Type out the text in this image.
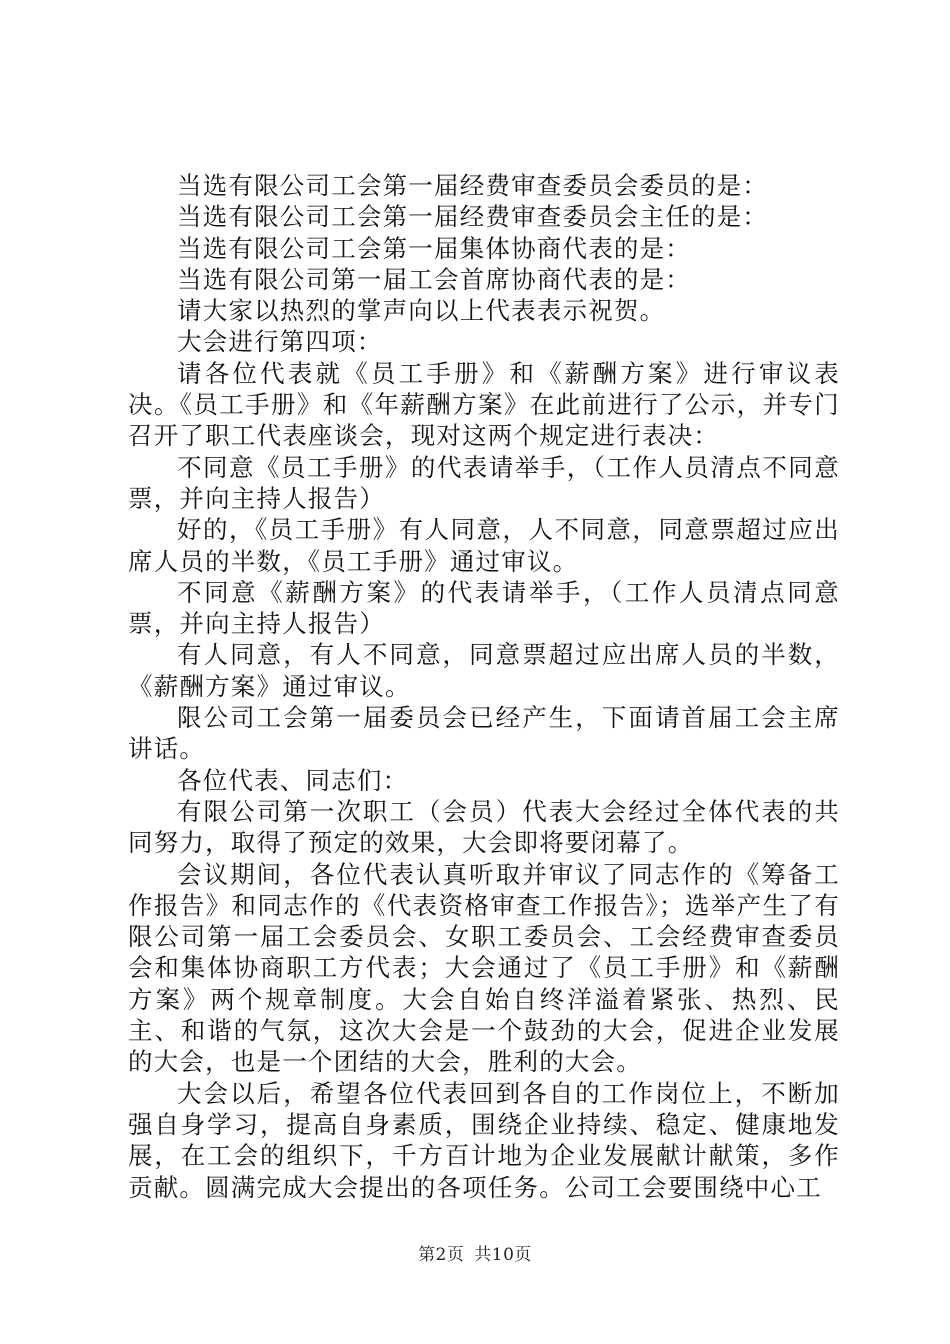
当选有限公司工会第一届经费审查委员会委员的是：

当选有限公司工会第一届经费审查委员会主任的是：

当选有限公司工会第一届集体协商代表的是：

当选有限公司第一届工会首席协商代表的是：

请大家以热烈的掌声向以上代表表示祝贺。

大会进行第四项：

请各位代表就《员工手册》和《薪酬方案》进行审议表决。《员工手册》和《年薪酬方案》在此前进行了公示，并专门召开了职工代表座谈会，现对这两个规定进行表决：

不同意《员工手册》的代表请举手，（工作人员清点不同意票，并向主持人报告）

好的，《员工手册》有人同意，人不同意，同意票超过应出席人员的半数，《员工手册》通过审议。

不同意《薪酬方案》的代表请举手，（工作人员清点同意票，并向主持人报告）

有人同意，有人不同意，同意票超过应出席人员的半数，《薪酬方案》通过审议。

限公司工会第一届委员会已经产生，下面请首届工会主席讲话。

各位代表、同志们：

有限公司第一次职工（会员）代表大会经过全体代表的共同努力，取得了预定的效果，大会即将要闭幕了。

会议期间，各位代表认真听取并审议了同志作的《筹备工作报告》和同志作的《代表资格审查工作报告》；选举产生了有限公司第一届工会委员会、女职工委员会、工会经费审查委员会和集体协商职工方代表；大会通过了《员工手册》和《薪酬方案》两个规章制度。大会自始自终洋溢着紧张、热烈、民主、和谐的气氛，这次大会是一个鼓劲的大会，促进企业发展的大会，也是一个团结的大会，胜利的大会。

大会以后，希望各位代表回到各自的工作岗位上，不断加强自身学习，提高自身素质，围绕企业持续、稳定、健康地发展，在工会的组织下，千方百计地为企业发展献计献策，多作贡献。圆满完成大会提出的各项任务。公司工会要围绕中心工

第2页 共10页
